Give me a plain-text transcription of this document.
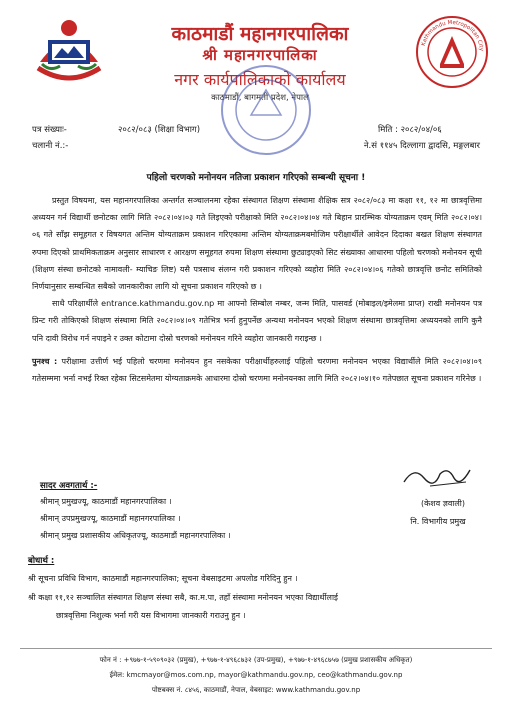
काठमाडौं महानगरपालिका
श्री महानगरपालिका
नगर कार्यपालिकाको कार्यालय
काठमाडौं, बागमती प्रदेश, नेपाल
Kathmandu Metropolitan City
पत्र संख्याः-	२०८२/०८३ (शिक्षा विभाग)
चलानी नं.:-
मिति : २०८२/०४/०६
ने.सं ११४५ दिल्लागा द्वादसि, मङ्गलबार
पहिलो चरणको मनोनयन नतिजा प्रकाशन गरिएको सम्बन्धी सूचना !

प्रस्तुत विषयमा, यस महानगरपालिका अन्तर्गत सञ्चालनमा रहेका संस्थागत शिक्षण संस्थामा शैक्षिक सत्र २०८२/०८३ मा कक्षा ११, १२ मा छात्रवृत्तिमा अध्ययन गर्न विद्यार्थी छनोटका लागि मिति २०८२।०४।०३ गते लिइएको परीक्षाको मिति २०८२।०४।०४ गते बिहान प्रारम्भिक योग्यताक्रम एवम् मिति २०८२।०४।०६ गते साँझ समूहगत र विषयगत अन्तिम योग्यताक्रम प्रकाशन गरिएकामा अन्तिम योग्यताक्रमबमोजिम परीक्षार्थीले आवेदन दिदाका बखत शिक्षण संस्थागत रुपमा दिएको प्राथमिकताक्रम अनुसार साधारण र आरक्षण समूहगत रुपमा शिक्षण संस्थामा छुट्याइएको सिट संख्याका आधारमा पहिलो चरणको मनोनयन सूची (शिक्षण संस्था छनोटको नामावली- म्याचिङ लिष्ट) यसै पत्रसाथ संलग्न गरी प्रकाशन गरिएको व्यहोरा मिति २०८२।०४।०६ गतेको छात्रवृत्ति छनोट समितिको निर्णयानुसार सम्बन्धित सबैको जानकारीका लागि यो सूचना प्रकाशन गरिएको छ ।

साथै परिक्षार्थीले entrance.kathmandu.gov.np मा आफ्नो सिम्बोल नम्बर, जन्म मिति, पासवर्ड (मोबाइल/इमेलमा प्राप्त) राखी मनोनयन पत्र प्रिन्ट गरी तोकिएको शिक्षण संस्थामा मिति २०८२।०४।०९ गतेभित्र भर्ना हुनुपर्नेछ अन्यथा मनोनयन भएको शिक्षण संस्थामा छात्रवृत्तिमा अध्ययनको लागि कुनै पनि दावी विरोध गर्न नपाइने र उक्त कोटामा दोस्रो चरणको मनोनयन गरिने व्यहोरा जानकारी गराइन्छ ।

पुनश्च : परीक्षामा उत्तीर्ण भई पहिलो चरणमा मनोनयन हुन नसकेका परीक्षार्थीहरुलाई पहिलो चरणमा मनोनयन भएका विद्यार्थीले मिति २०८२।०४।०९ गतेसम्ममा भर्ना नभई रिक्त रहेका सिटसमेतमा योग्यताक्रमके आधारमा दोस्रो चरणमा मनोनयनका लागि मिति २०८२।०४।१० गतेपछात सूचना प्रकाशन गरिनेछ ।

सादर अवगतार्थ :-
श्रीमान् प्रमुखज्यू, काठमाडौं महानगरपालिका ।
श्रीमान् उपप्रमुखज्यू, काठमाडौं महानगरपालिका ।
श्रीमान् प्रमुख प्रशासकीय अधिकृतज्यू, काठमाडौं महानगरपालिका ।
(केशव ज्ञवाली)
नि. विभागीय प्रमुख
बोधार्थ :
श्री सूचना प्रविधि विभाग, काठमाडौं महानगरपालिका; सूचना वेबसाइटमा अपलोड गरिदिनु हुन ।
श्री कक्षा ११,१२ सञ्चालित संस्थागत शिक्षण संस्था सबै, का.म.पा, तहाँ संस्थामा मनोनयन भएका विद्यार्थीलाई
छात्रवृत्तिमा निशुल्क भर्ना गरी यस विभागमा जानकारी गराउनु हुन ।
फोन नं : +९७७-१-५९०९०३२ (प्रमुख), +९७७-१-४९६८७३२ (उप-प्रमुख), +९७७-१-४९६८७५७ (प्रमुख प्रशासकीय अधिकृत)
ईमेल: kmcmayor@mos.com.np, mayor@kathmandu.gov.np, ceo@kathmandu.gov.np
पोष्टबक्स नं. ८४५६, काठमाडौं, नेपाल, वेबसाइट: www.kathmandu.gov.np
